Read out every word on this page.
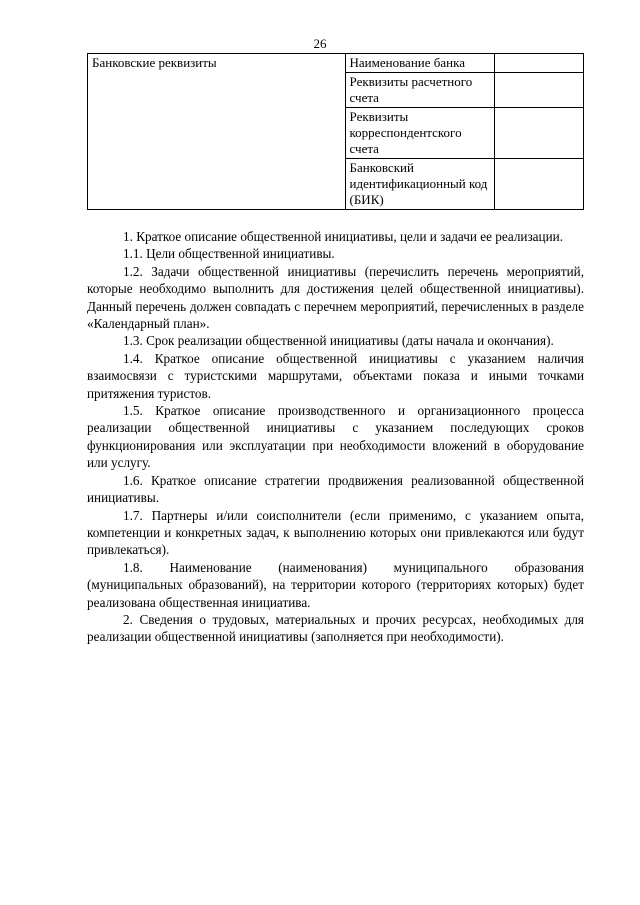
26
Банковские реквизиты	Наименование банка	
	Реквизиты расчетного счета	
	Реквизиты корреспондентского счета	
	Банковский идентификационный код (БИК)	

1. Краткое описание общественной инициативы, цели и задачи ее реализации.

1.1. Цели общественной инициативы.

1.2. Задачи общественной инициативы (перечислить перечень мероприятий, которые необходимо выполнить для достижения целей общественной инициативы). Данный перечень должен совпадать с перечнем мероприятий, перечисленных в разделе «Календарный план».

1.3. Срок реализации общественной инициативы (даты начала и окончания).

1.4. Краткое описание общественной инициативы с указанием наличия взаимосвязи с туристскими маршрутами, объектами показа и иными точками притяжения туристов.

1.5. Краткое описание производственного и организационного процесса реализации общественной инициативы с указанием последующих сроков функционирования или эксплуатации при необходимости вложений в оборудование или услугу.

1.6. Краткое описание стратегии продвижения реализованной общественной инициативы.

1.7. Партнеры и/или соисполнители (если применимо, с указанием опыта, компетенции и конкретных задач, к выполнению которых они привлекаются или будут привлекаться).

1.8. Наименование (наименования) муниципального образования (муниципальных образований), на территории которого (территориях которых) будет реализована общественная инициатива.

2. Сведения о трудовых, материальных и прочих ресурсах, необходимых для реализации общественной инициативы (заполняется при необходимости).
